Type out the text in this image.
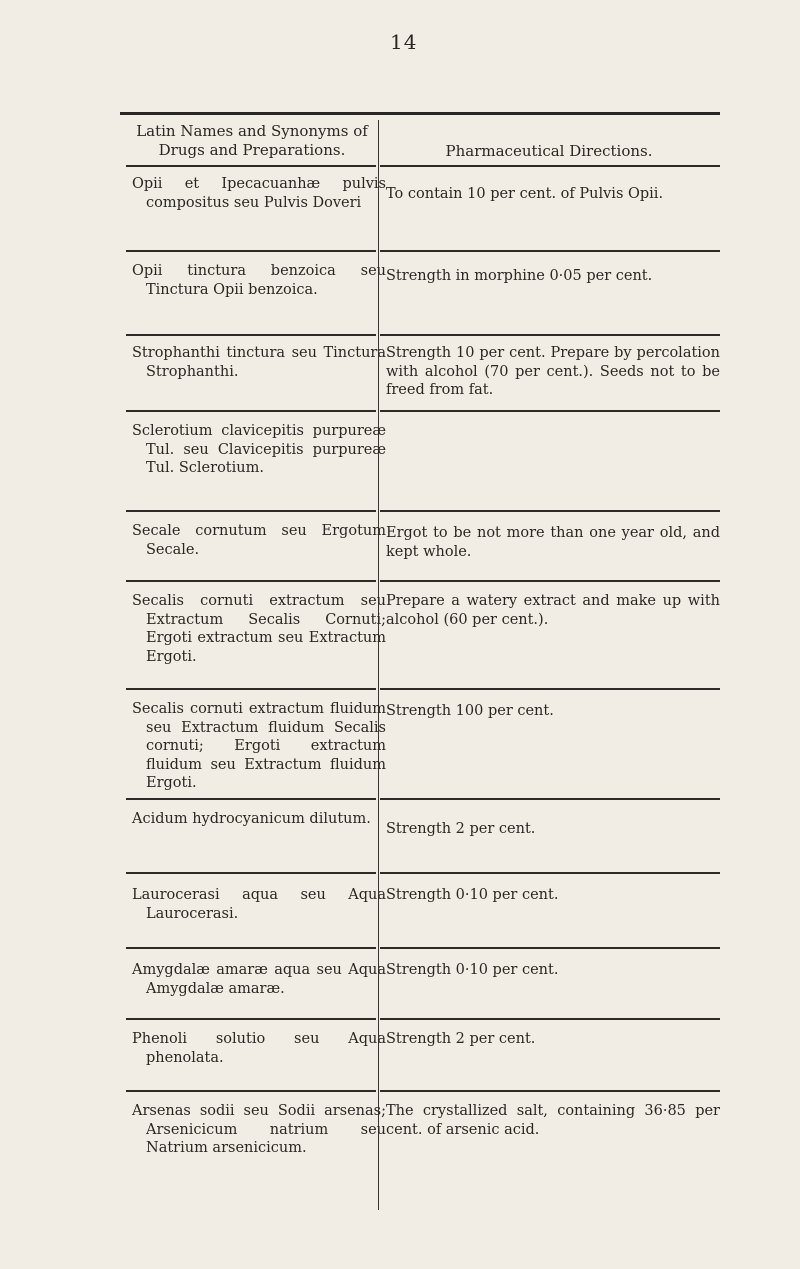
14
Latin Names and Synonyms of Drugs and Preparations.	Pharmaceutical Directions.
Opii et Ipecacuanhæ pulvis compositus seu Pulvis Doveri
To contain 10 per cent. of Pulvis Opii.
Opii tinctura benzoica seu Tinctura Opii benzoica.
Strength in morphine 0·05 per cent.
Strophanthi tinctura seu Tinctura Strophanthi.
Strength 10 per cent. Prepare by percolation with alcohol (70 per cent.). Seeds not to be freed from fat.
Sclerotium clavicepitis purpureæ Tul. seu Clavicepitis purpureæ Tul. Sclerotium.
Secale cornutum seu Ergotum Secale.
Ergot to be not more than one year old, and kept whole.
Secalis cornuti extractum seu Extractum Secalis Cornuti; Ergoti extractum seu Extractum Ergoti.
Prepare a watery extract and make up with alcohol (60 per cent.).
Secalis cornuti extractum fluidum seu Extractum fluidum Secalis cornuti; Ergoti extractum fluidum seu Extractum fluidum Ergoti.
Strength 100 per cent.
Acidum hydrocyanicum dilutum.
Strength 2 per cent.
Laurocerasi aqua seu Aqua Laurocerasi.
Strength 0·10 per cent.
Amygdalæ amaræ aqua seu Aqua Amygdalæ amaræ.
Strength 0·10 per cent.
Phenoli solutio seu Aqua phenolata.
Strength 2 per cent.
Arsenas sodii seu Sodii arsenas; Arsenicicum natrium seu Natrium arsenicicum.
The crystallized salt, containing 36·85 per cent. of arsenic acid.
